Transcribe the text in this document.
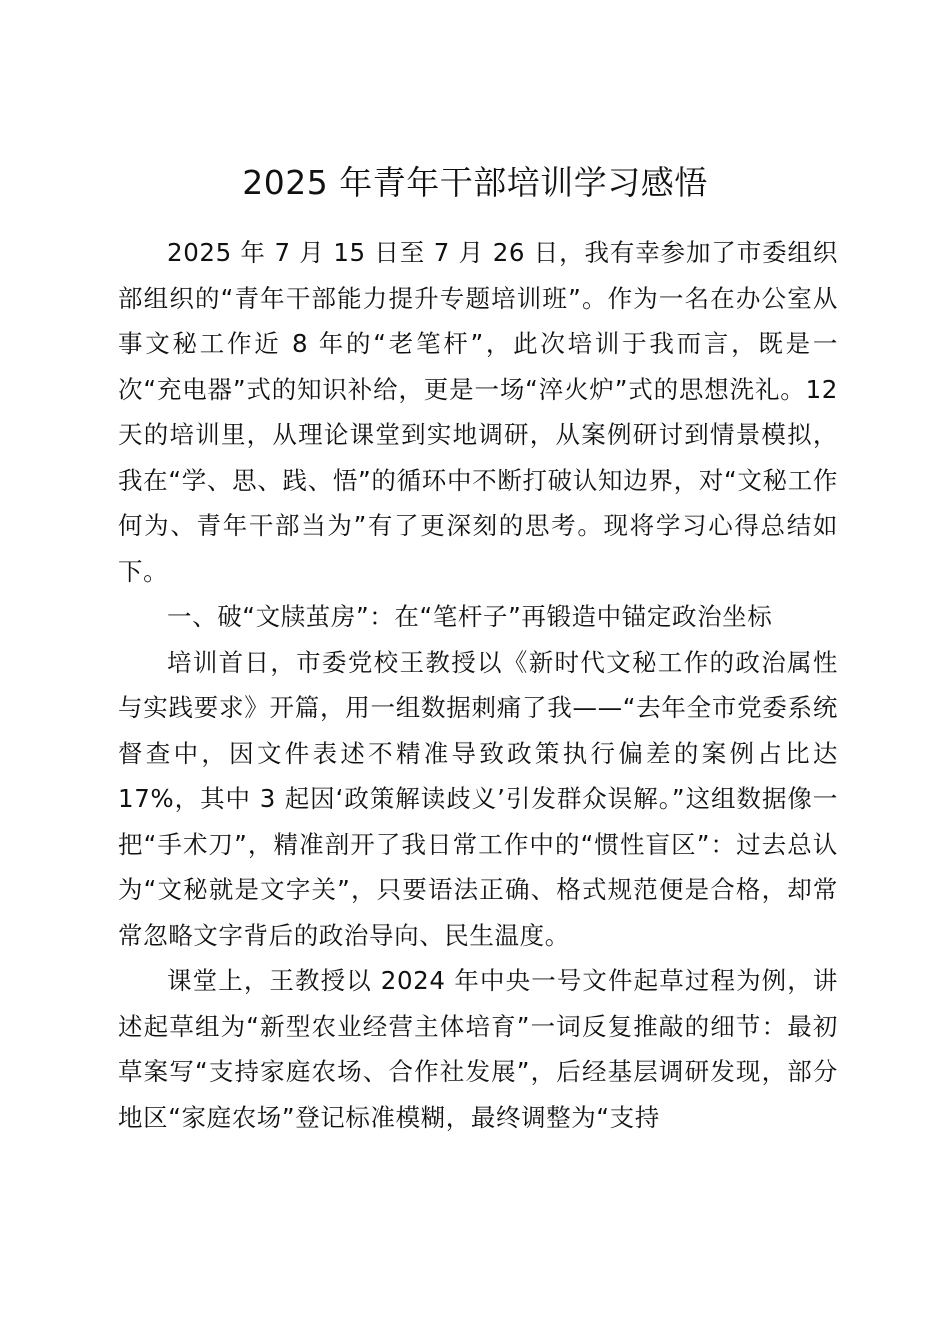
2025 年青年干部培训学习感悟

2025 年 7 月 15 日至 7 月 26 日，我有幸参加了市委组织部组织的“青年干部能力提升专题培训班”。作为一名在办公室从事文秘工作近 8 年的“老笔杆”，此次培训于我而言，既是一次“充电器”式的知识补给，更是一场“淬火炉”式的思想洗礼。12 天的培训里，从理论课堂到实地调研，从案例研讨到情景模拟，我在“学、思、践、悟”的循环中不断打破认知边界，对“文秘工作何为、青年干部当为”有了更深刻的思考。现将学习心得总结如下。

一、破“文牍茧房”：在“笔杆子”再锻造中锚定政治坐标

培训首日，市委党校王教授以《新时代文秘工作的政治属性与实践要求》开篇，用一组数据刺痛了我——“去年全市党委系统督查中，因文件表述不精准导致政策执行偏差的案例占比达 17%，其中 3 起因‘政策解读歧义’引发群众误解。”这组数据像一把“手术刀”，精准剖开了我日常工作中的“惯性盲区”：过去总认为“文秘就是文字关”，只要语法正确、格式规范便是合格，却常常忽略文字背后的政治导向、民生温度。

课堂上，王教授以 2024 年中央一号文件起草过程为例，讲述起草组为“新型农业经营主体培育”一词反复推敲的细节：最初草案写“支持家庭农场、合作社发展”，后经基层调研发现，部分地区“家庭农场”登记标准模糊，最终调整为“支持
